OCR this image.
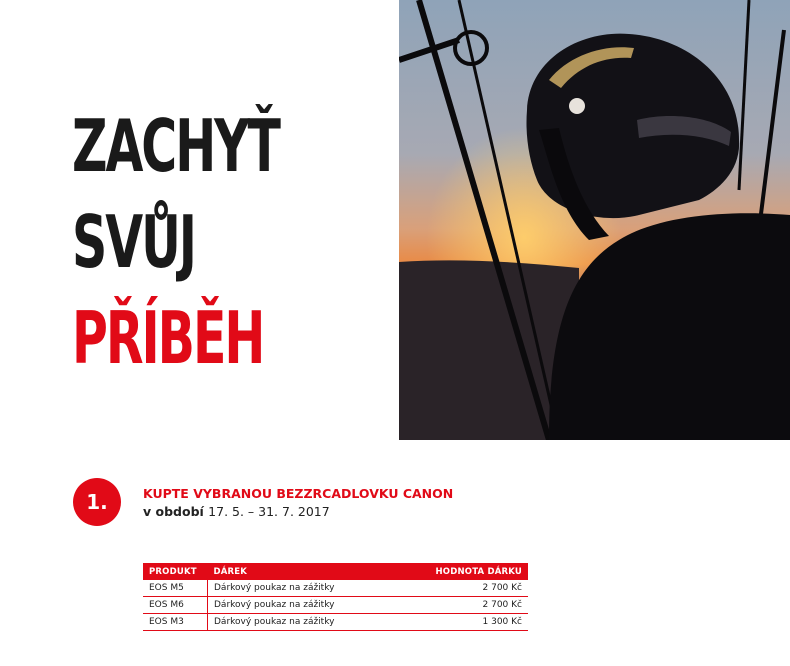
ZACHYŤ
SVŮJ
PŘÍBĚH
1.	KUPTE VYBRANOU BEZZRCADLOVKU CANON
v období 17. 5. – 31. 7. 2017
PRODUKT	DÁREK	HODNOTA DÁRKU
EOS M5	Dárkový poukaz na zážitky	2 700 Kč
EOS M6	Dárkový poukaz na zážitky	2 700 Kč
EOS M3	Dárkový poukaz na zážitky	1 300 Kč
